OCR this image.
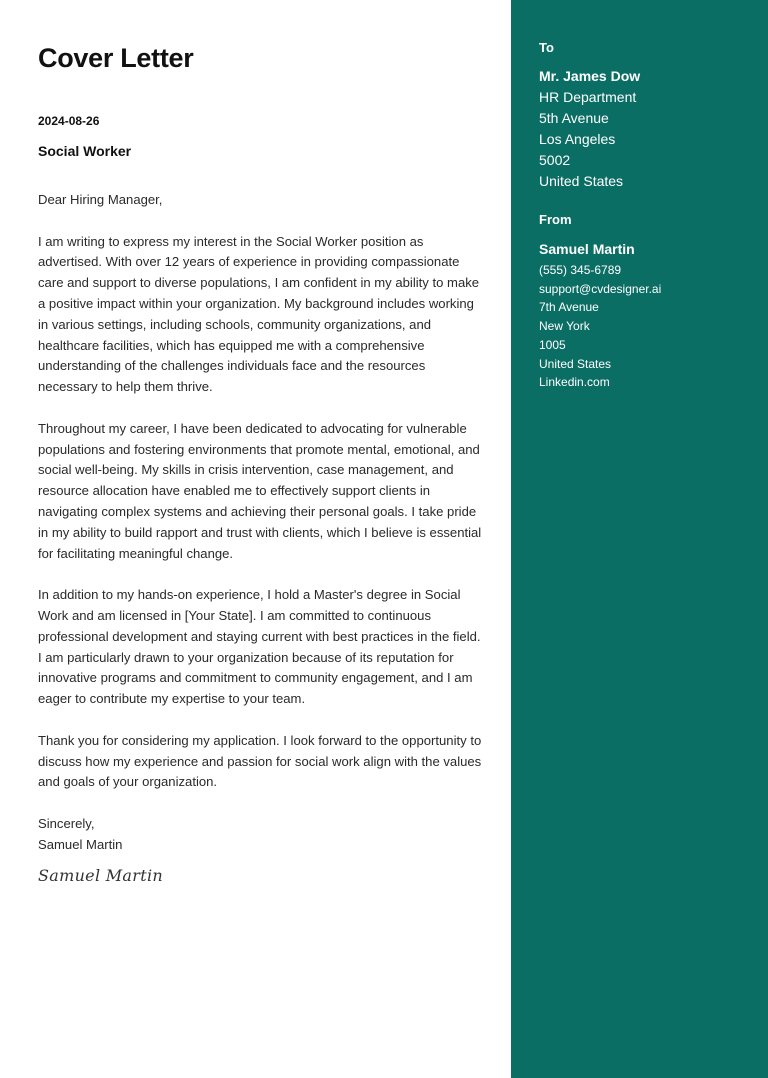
Cover Letter
2024-08-26
Social Worker

Dear Hiring Manager,

I am writing to express my interest in the Social Worker position as advertised. With over 12 years of experience in providing compassionate care and support to diverse populations, I am confident in my ability to make a positive impact within your organization. My background includes working in various settings, including schools, community organizations, and healthcare facilities, which has equipped me with a comprehensive understanding of the challenges individuals face and the resources necessary to help them thrive.

Throughout my career, I have been dedicated to advocating for vulnerable populations and fostering environments that promote mental, emotional, and social well-being. My skills in crisis intervention, case management, and resource allocation have enabled me to effectively support clients in navigating complex systems and achieving their personal goals. I take pride in my ability to build rapport and trust with clients, which I believe is essential for facilitating meaningful change.

In addition to my hands-on experience, I hold a Master's degree in Social Work and am licensed in [Your State]. I am committed to continuous professional development and staying current with best practices in the field. I am particularly drawn to your organization because of its reputation for innovative programs and commitment to community engagement, and I am eager to contribute my expertise to your team.

Thank you for considering my application. I look forward to the opportunity to discuss how my experience and passion for social work align with the values and goals of your organization.

Sincerely,

Samuel Martin

Samuel Martin
To
Mr. James Dow
HR Department
5th Avenue
Los Angeles
5002
United States
From
Samuel Martin
(555) 345-6789
support@cvdesigner.ai
7th Avenue
New York
1005
United States
Linkedin.com
